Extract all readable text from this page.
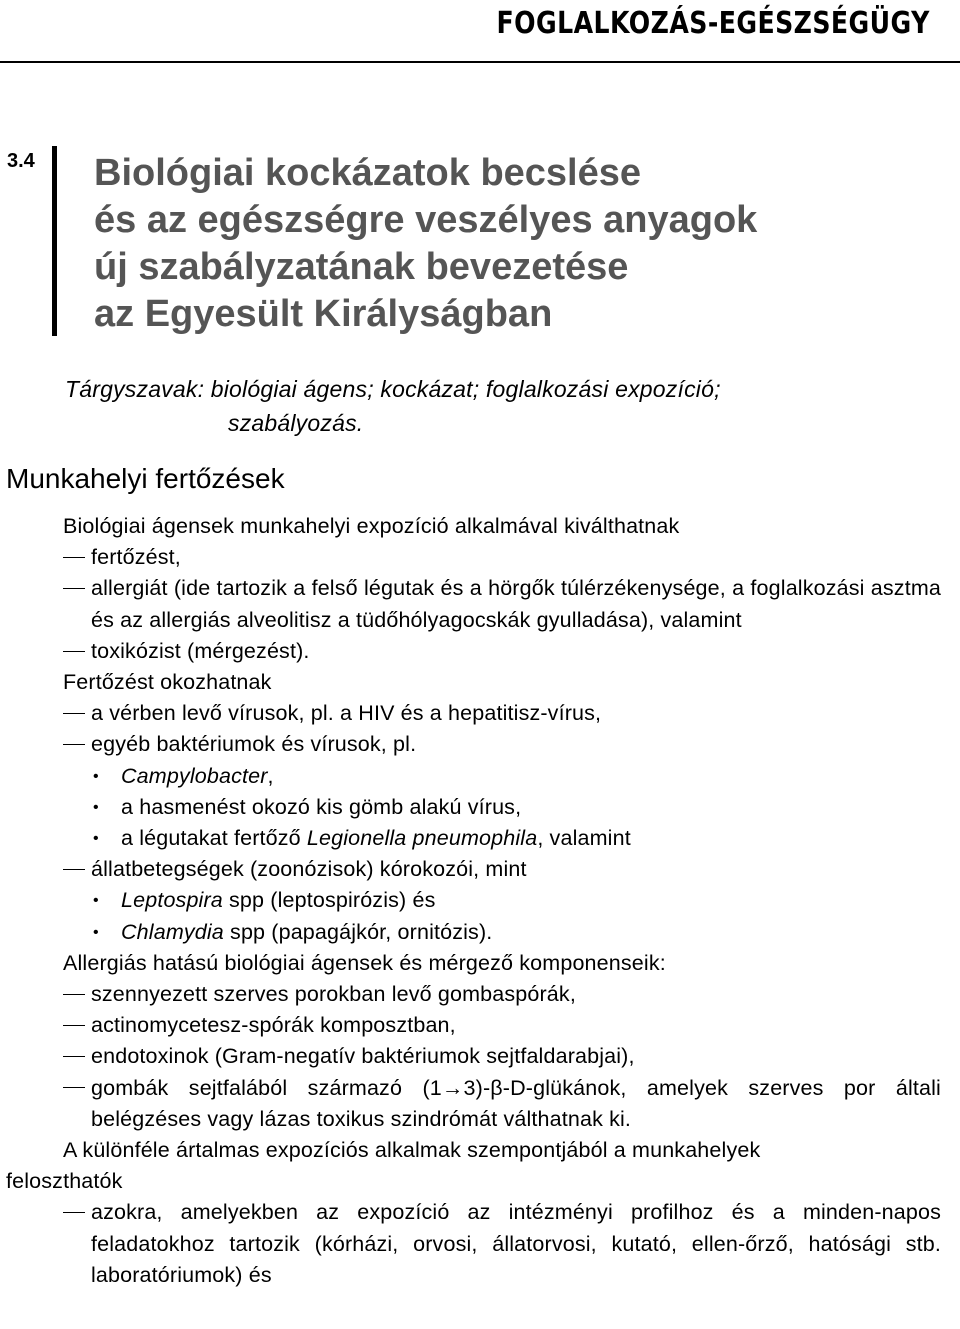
FOGLALKOZÁS-EGÉSZSÉGÜGY
3.4 Biológiai kockázatok becslése
és az egészségre veszélyes anyagok
új szabályzatának bevezetése
az Egyesült Királyságban
Tárgyszavak: biológiai ágens; kockázat; foglalkozási expozíció;
szabályozás.
Munkahelyi fertőzések

Biológiai ágensek munkahelyi expozíció alkalmával kiválthatnak

fertőzést,
allergiát (ide tartozik a felső légutak és a hörgők túlérzékenysége, a foglalkozási asztma és az allergiás alveolitisz a tüdőhólyagocskák gyulladása), valamint
toxikózist (mérgezést).

Fertőzést okozhatnak

a vérben levő vírusok, pl. a HIV és a hepatitisz-vírus,
egyéb baktériumok és vírusok, pl.
•	Campylobacter,
•	a hasmenést okozó kis gömb alakú vírus,
•	a légutakat fertőző Legionella pneumophila, valamint
állatbetegségek (zoonózisok) kórokozói, mint
•	Leptospira spp (leptospirózis) és
•	Chlamydia spp (papagájkór, ornitózis).

Allergiás hatású biológiai ágensek és mérgező komponenseik:

szennyezett szerves porokban levő gombaspórák,
actinomycetesz-spórák komposztban,
endotoxinok (Gram-negatív baktériumok sejtfaldarabjai),
gombák sejtfalából származó (1→3)-β-D-glükánok, amelyek szerves por általi belégzéses vagy lázas toxikus szindrómát válthatnak ki.

A különféle ártalmas expozíciós alkalmak szempontjából a munkahelyek

feloszthatók

azokra, amelyekben az expozíció az intézményi profilhoz és a minden-napos feladatokhoz tartozik (kórházi, orvosi, állatorvosi, kutató, ellen-őrző, hatósági stb. laboratóriumok) és
